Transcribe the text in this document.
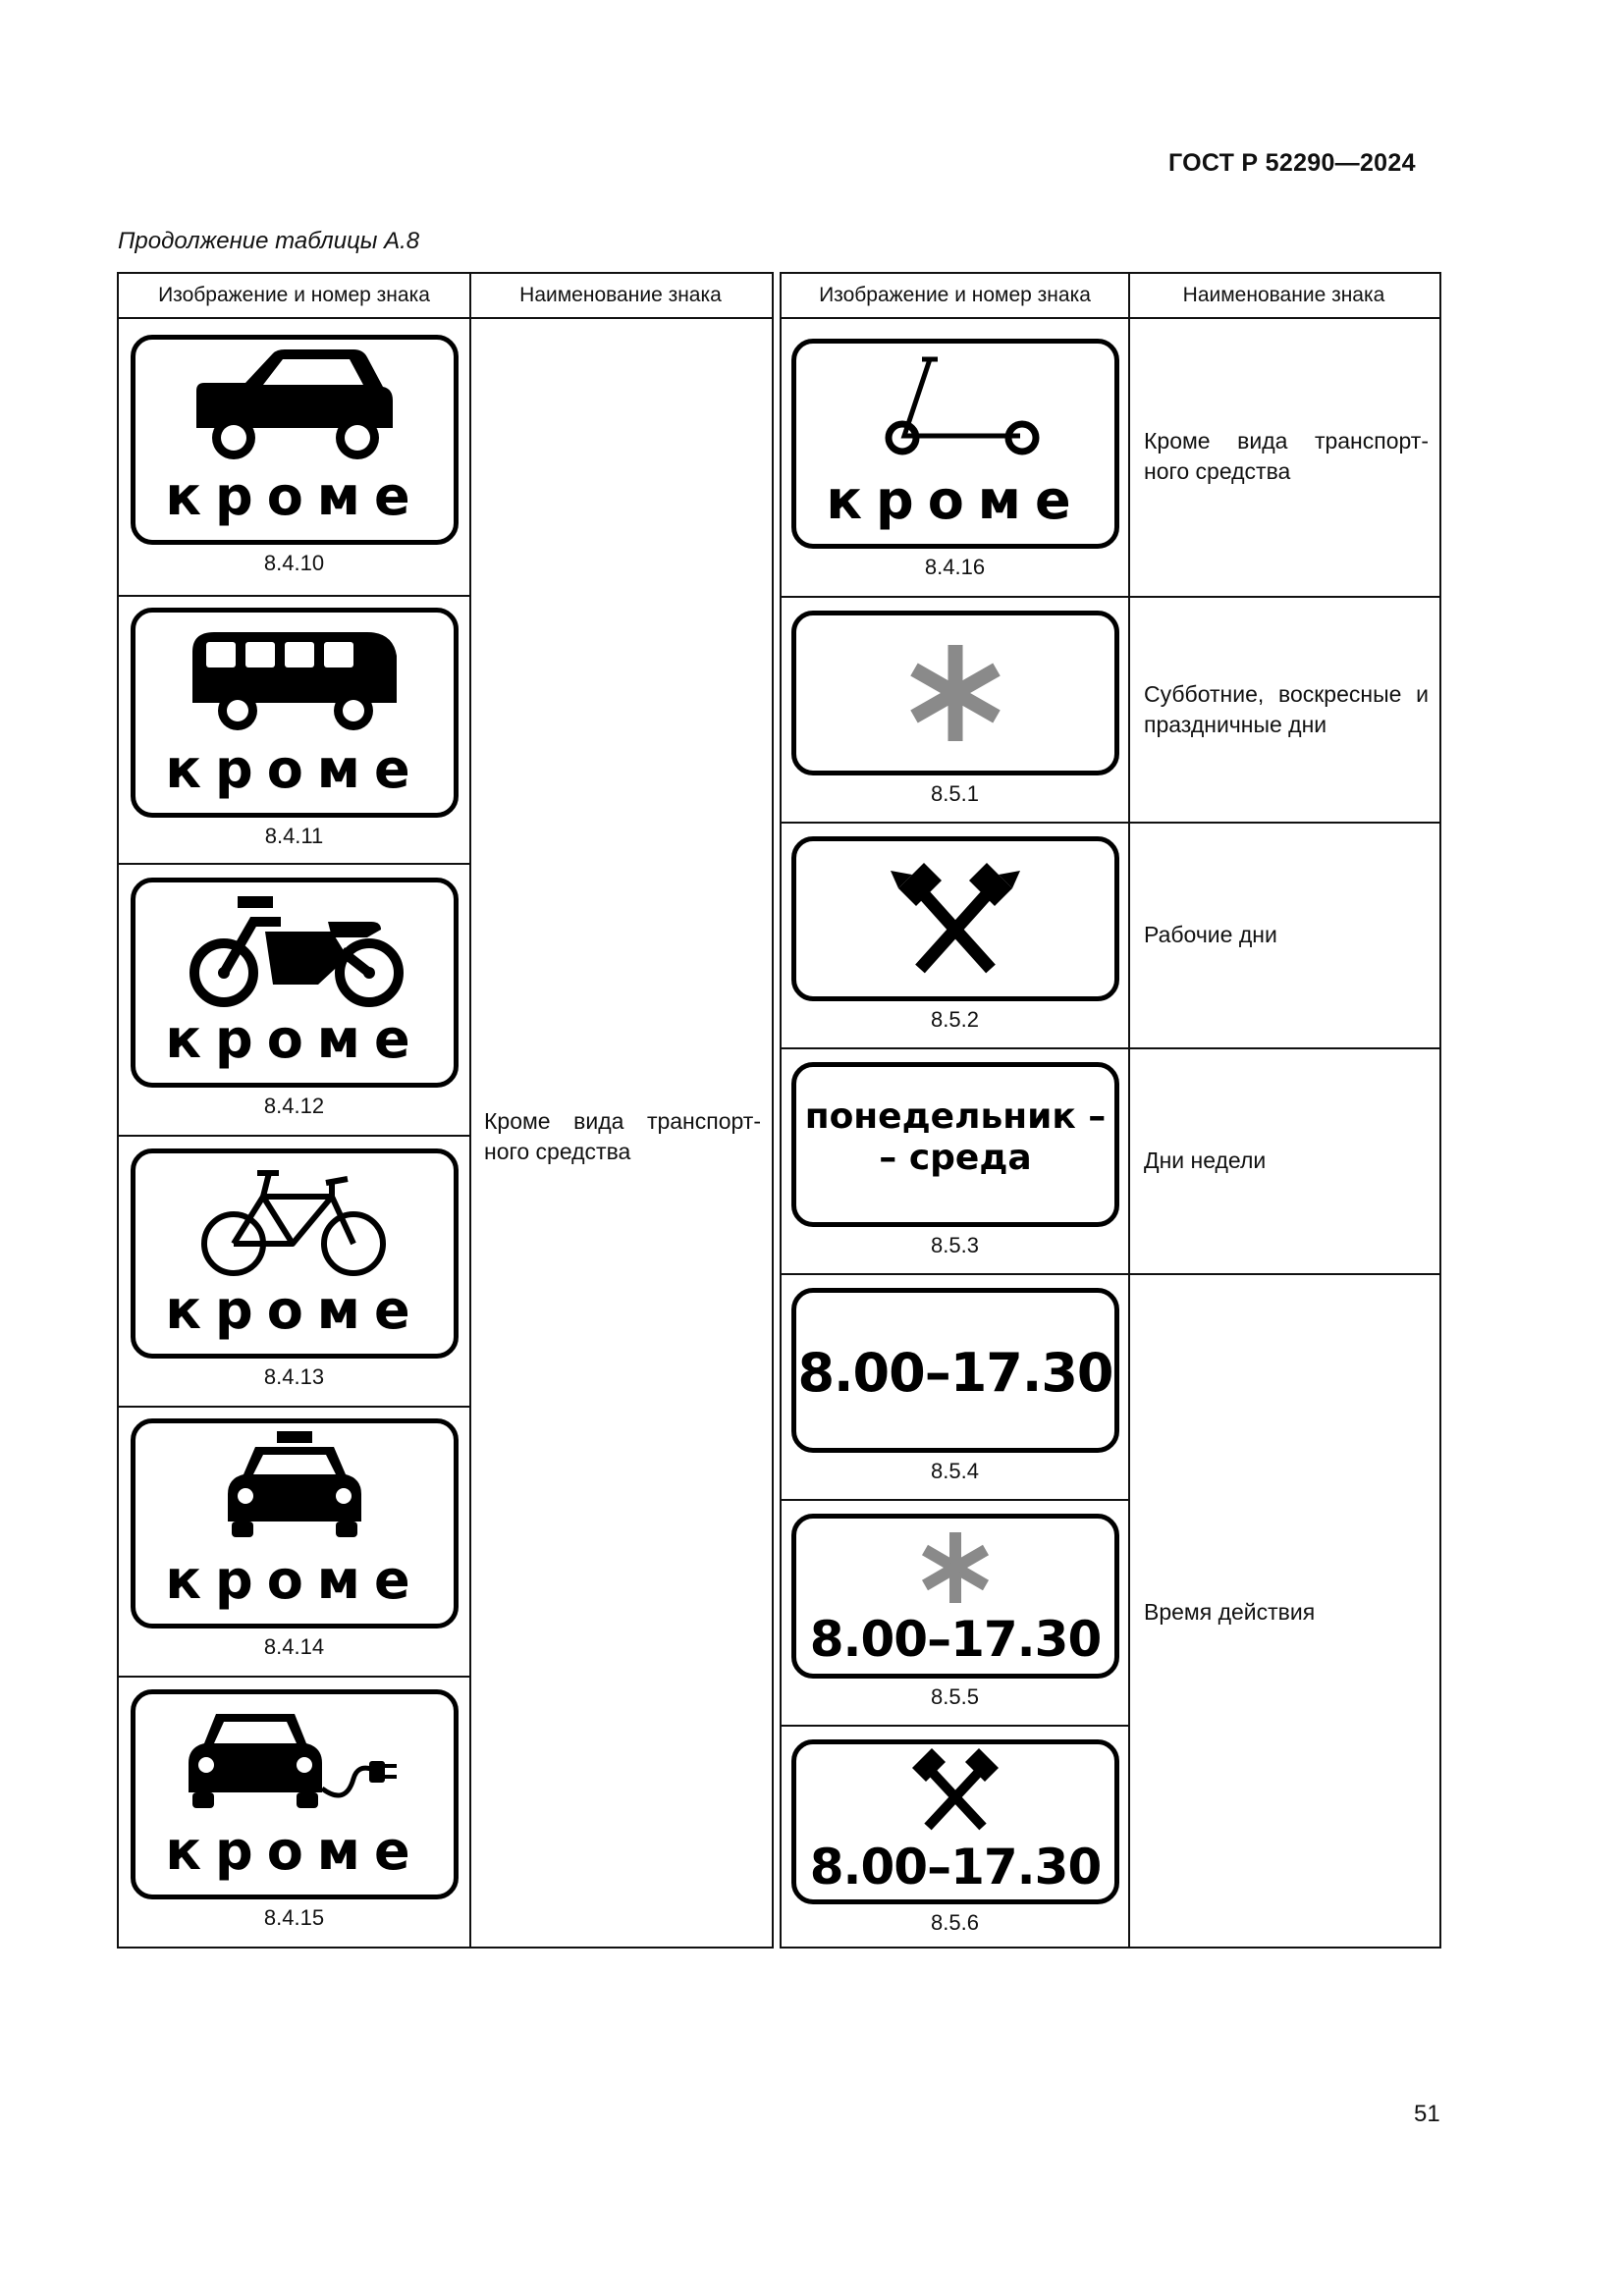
ГОСТ Р 52290—2024
Продолжение таблицы А.8
Изображение и номер знака	Наименование знака
кроме
8.4.10
кроме
8.4.11
кроме
8.4.12
кроме
8.4.13
кроме
8.4.14
кроме
8.4.15
Кроме вида транспорт-ного средства
Изображение и номер знака	Наименование знака
кроме
8.4.16
8.5.1
8.5.2
понедельник –
– среда
8.5.3
8.00–17.30
8.5.4
8.00–17.30
8.5.5
8.00–17.30
8.5.6
Кроме вида транспорт-ного средства
Субботние, воскресные и праздничные дни
Рабочие дни
Дни недели
Время действия
51
